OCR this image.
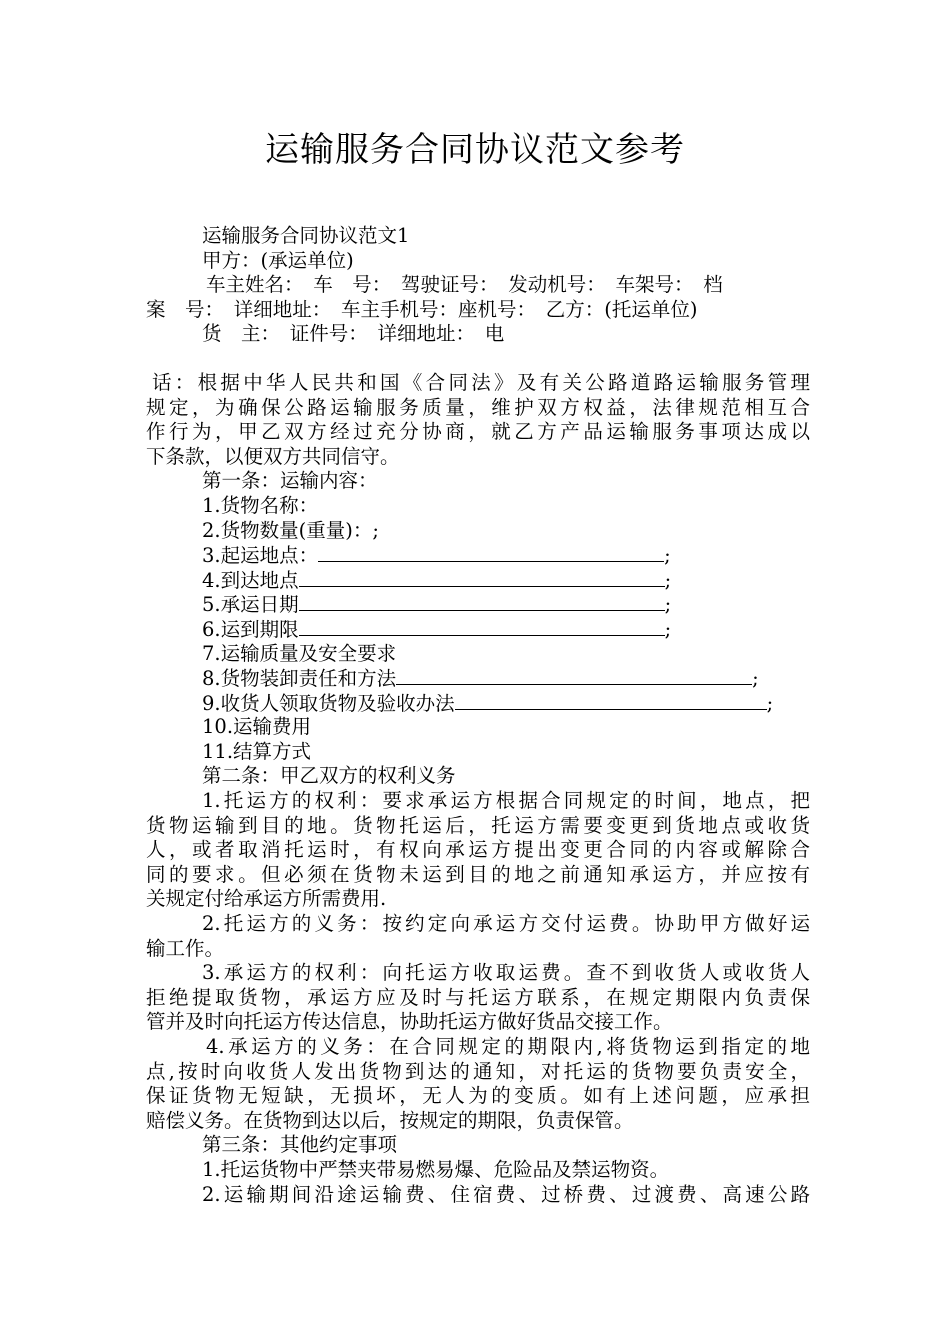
运输服务合同协议范文参考
运输服务合同协议范文1
甲方：(承运单位)
车主姓名：　车　号：　驾驶证号：　发动机号：　车架号：　档
案　号：　详细地址：　车主手机号：座机号：　乙方：(托运单位)
货　主：　证件号：　详细地址：　电
话：根据中华人民共和国《合同法》及有关公路道路运输服务管理
规定，为确保公路运输服务质量，维护双方权益，法律规范相互合
作行为，甲乙双方经过充分协商，就乙方产品运输服务事项达成以
下条款，以便双方共同信守。
第一条：运输内容：
1.货物名称：
2.货物数量(重量)：;
3.起运地点：	;
4.到达地点	;
5.承运日期	;
6.运到期限	;
7.运输质量及安全要求
8.货物装卸责任和方法	;
9.收货人领取货物及验收办法	;
10.运输费用
11.结算方式
第二条：甲乙双方的权利义务
1.托运方的权利：要求承运方根据合同规定的时间，地点，把
货物运输到目的地。货物托运后，托运方需要变更到货地点或收货
人，或者取消托运时，有权向承运方提出变更合同的内容或解除合
同的要求。但必须在货物未运到目的地之前通知承运方，并应按有
关规定付给承运方所需费用.
2.托运方的义务：按约定向承运方交付运费。协助甲方做好运
输工作。
3.承运方的权利：向托运方收取运费。查不到收货人或收货人
拒绝提取货物，承运方应及时与托运方联系，在规定期限内负责保
管并及时向托运方传达信息，协助托运方做好货品交接工作。
4.承运方的义务：在合同规定的期限内,将货物运到指定的地
点,按时向收货人发出货物到达的通知，对托运的货物要负责安全，
保证货物无短缺，无损坏，无人为的变质。如有上述问题，应承担
赔偿义务。在货物到达以后，按规定的期限，负责保管。
第三条：其他约定事项
1.托运货物中严禁夹带易燃易爆、危险品及禁运物资。
2.运输期间沿途运输费、住宿费、过桥费、过渡费、高速公路
